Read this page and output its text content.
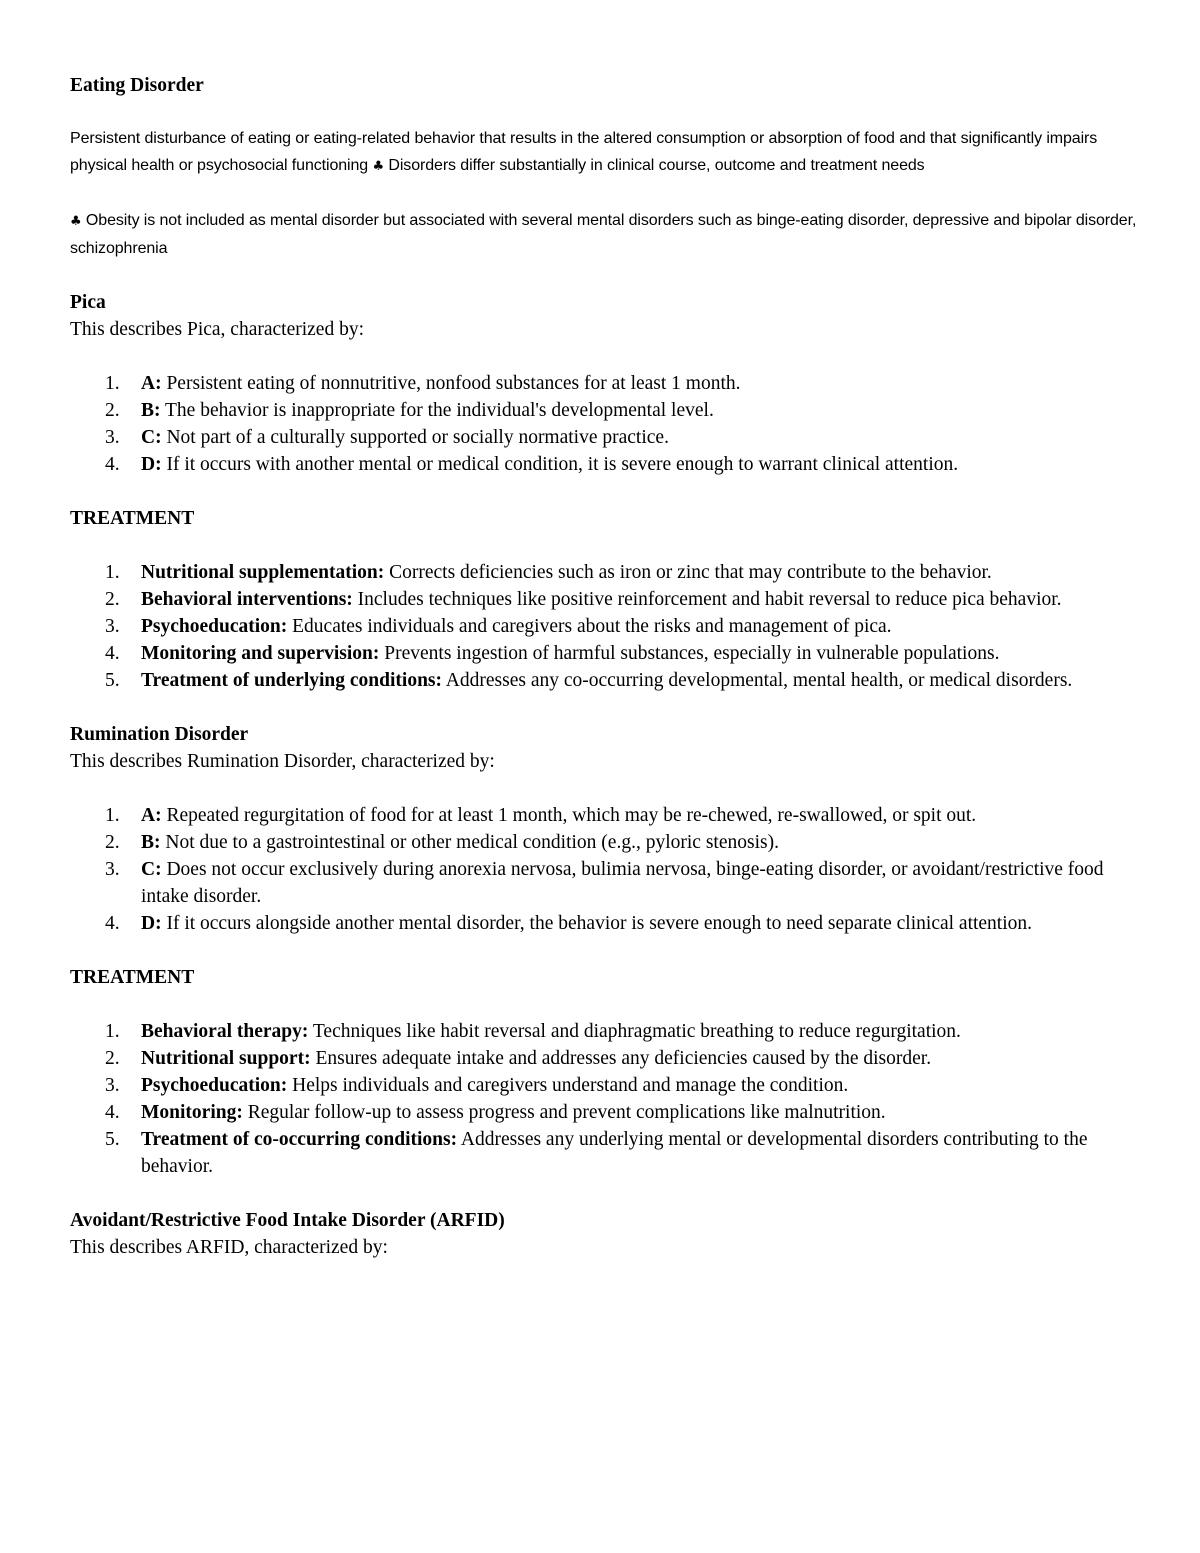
Eating Disorder

Persistent disturbance of eating or eating-related behavior that results in the altered consumption or absorption of food and that significantly impairs physical health or psychosocial functioning ♣ Disorders differ substantially in clinical course, outcome and treatment needs

♣ Obesity is not included as mental disorder but associated with several mental disorders such as binge-eating disorder, depressive and bipolar disorder, schizophrenia

Pica

This describes Pica, characterized by:

1. A: Persistent eating of nonnutritive, nonfood substances for at least 1 month.
2. B: The behavior is inappropriate for the individual's developmental level.
3. C: Not part of a culturally supported or socially normative practice.
4. D: If it occurs with another mental or medical condition, it is severe enough to warrant clinical attention.
TREATMENT
1. Nutritional supplementation: Corrects deficiencies such as iron or zinc that may contribute to the behavior.
2. Behavioral interventions: Includes techniques like positive reinforcement and habit reversal to reduce pica behavior.
3. Psychoeducation: Educates individuals and caregivers about the risks and management of pica.
4. Monitoring and supervision: Prevents ingestion of harmful substances, especially in vulnerable populations.
5. Treatment of underlying conditions: Addresses any co-occurring developmental, mental health, or medical disorders.
Rumination Disorder

This describes Rumination Disorder, characterized by:

1. A: Repeated regurgitation of food for at least 1 month, which may be re-chewed, re-swallowed, or spit out.
2. B: Not due to a gastrointestinal or other medical condition (e.g., pyloric stenosis).
3. C: Does not occur exclusively during anorexia nervosa, bulimia nervosa, binge-eating disorder, or avoidant/restrictive food intake disorder.
4. D: If it occurs alongside another mental disorder, the behavior is severe enough to need separate clinical attention.
TREATMENT
1. Behavioral therapy: Techniques like habit reversal and diaphragmatic breathing to reduce regurgitation.
2. Nutritional support: Ensures adequate intake and addresses any deficiencies caused by the disorder.
3. Psychoeducation: Helps individuals and caregivers understand and manage the condition.
4. Monitoring: Regular follow-up to assess progress and prevent complications like malnutrition.
5. Treatment of co-occurring conditions: Addresses any underlying mental or developmental disorders contributing to the behavior.
Avoidant/Restrictive Food Intake Disorder (ARFID)

This describes ARFID, characterized by:
